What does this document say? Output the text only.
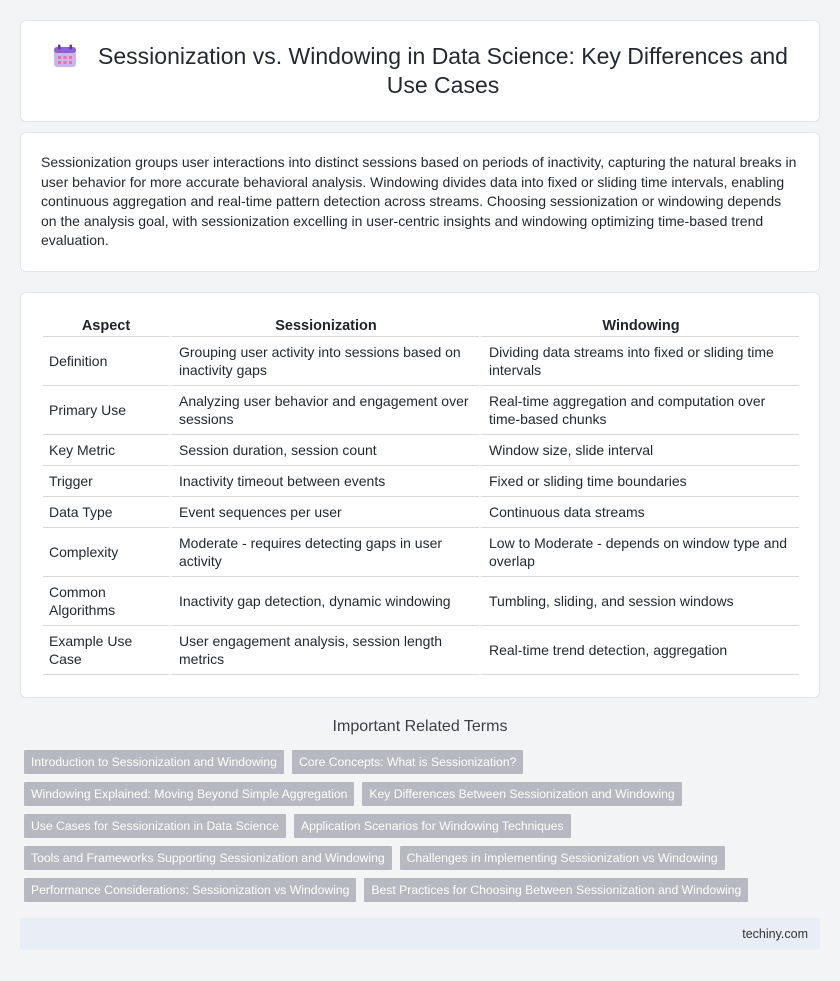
Sessionization vs. Windowing in Data Science: Key Differences and Use Cases

Sessionization groups user interactions into distinct sessions based on periods of inactivity, capturing the natural breaks in user behavior for more accurate behavioral analysis. Windowing divides data into fixed or sliding time intervals, enabling continuous aggregation and real-time pattern detection across streams. Choosing sessionization or windowing depends on the analysis goal, with sessionization excelling in user-centric insights and windowing optimizing time-based trend evaluation.

Aspect	Sessionization	Windowing
Definition	Grouping user activity into sessions based on inactivity gaps	Dividing data streams into fixed or sliding time intervals
Primary Use	Analyzing user behavior and engagement over sessions	Real-time aggregation and computation over time-based chunks
Key Metric	Session duration, session count	Window size, slide interval
Trigger	Inactivity timeout between events	Fixed or sliding time boundaries
Data Type	Event sequences per user	Continuous data streams
Complexity	Moderate - requires detecting gaps in user activity	Low to Moderate - depends on window type and overlap
Common Algorithms	Inactivity gap detection, dynamic windowing	Tumbling, sliding, and session windows
Example Use Case	User engagement analysis, session length metrics	Real-time trend detection, aggregation
Important Related Terms
Introduction to Sessionization and Windowing	Core Concepts: What is Sessionization?
Windowing Explained: Moving Beyond Simple Aggregation	Key Differences Between Sessionization and Windowing
Use Cases for Sessionization in Data Science	Application Scenarios for Windowing Techniques
Tools and Frameworks Supporting Sessionization and Windowing	Challenges in Implementing Sessionization vs Windowing
Performance Considerations: Sessionization vs Windowing	Best Practices for Choosing Between Sessionization and Windowing
techiny.com
